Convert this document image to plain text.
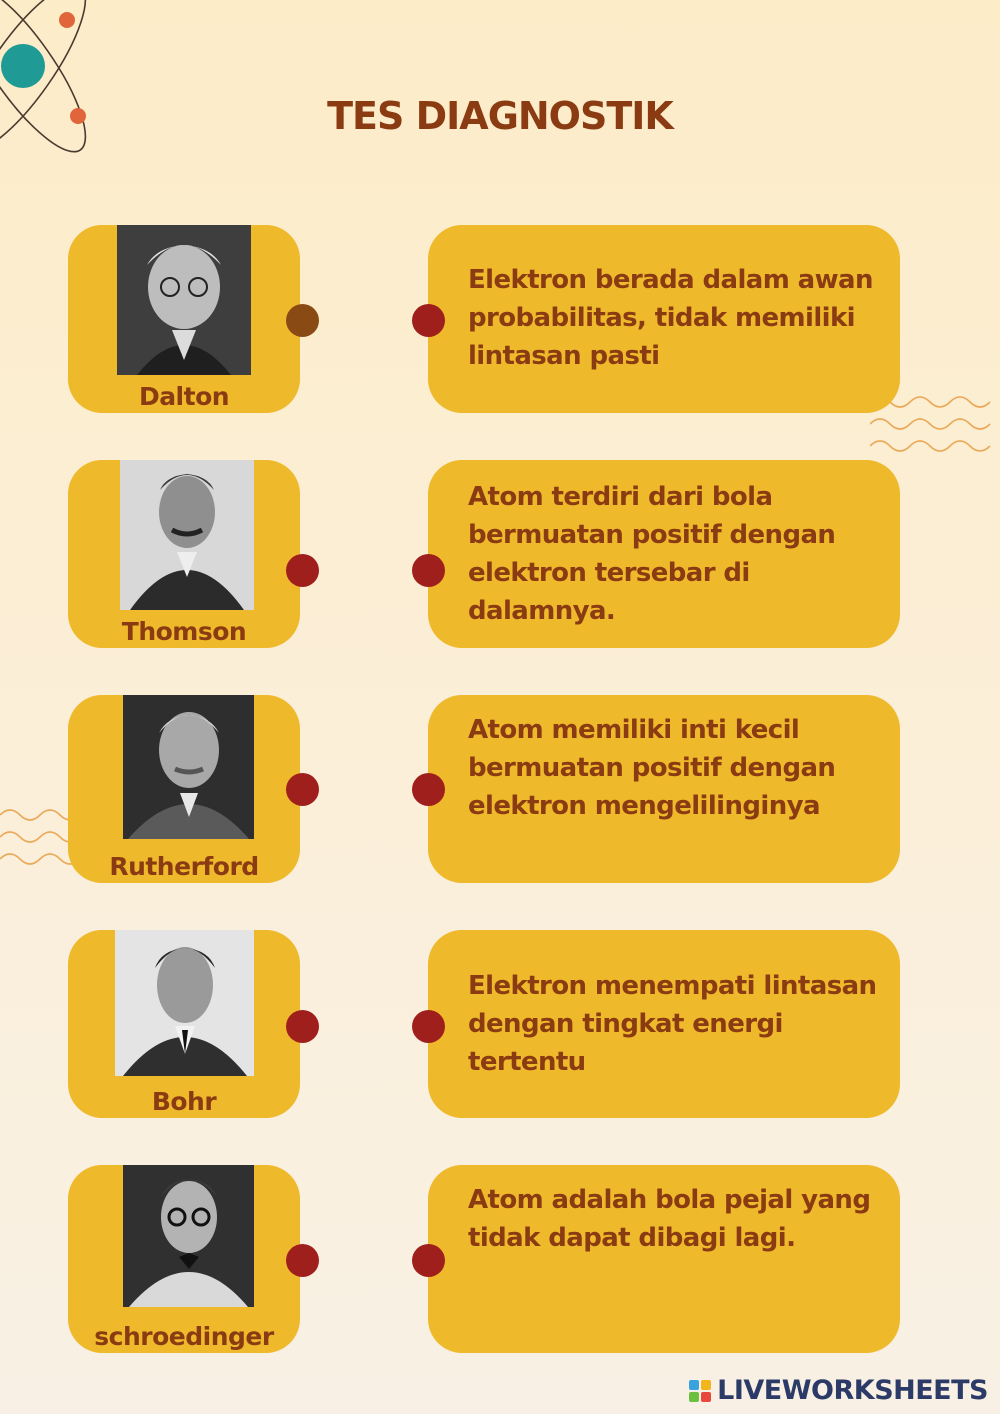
TES DIAGNOSTIK
Dalton
Elektron berada dalam awan probabilitas, tidak memiliki lintasan pasti
Thomson
Atom terdiri dari bola bermuatan positif dengan elektron tersebar di dalamnya.
Rutherford
Atom memiliki inti kecil bermuatan positif dengan elektron mengelilinginya
Bohr
Elektron menempati lintasan dengan tingkat energi tertentu
schroedinger
Atom adalah bola pejal yang tidak dapat dibagi lagi.
LIVEWORKSHEETS
